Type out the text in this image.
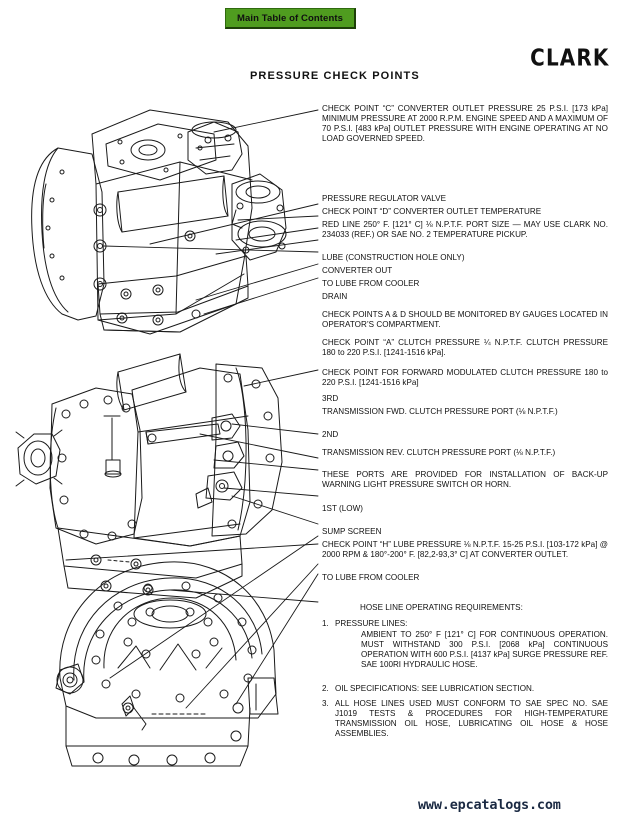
Main Table of Contents
CLARK
PRESSURE CHECK POINTS
CHECK POINT “C” CONVERTER OUTLET PRESSURE 25 P.S.I. [173 kPa] MINIMUM PRESSURE AT 2000 R.P.M. ENGINE SPEED AND A MAXIMUM OF 70 P.S.I. [483 kPa] OUTLET PRESSURE WITH ENGINE OPERATING AT NO LOAD GOVERNED SPEED.
PRESSURE REGULATOR VALVE
CHECK POINT “D” CONVERTER OUTLET TEMPERATURE
RED LINE 250° F. [121° C] ⅛ N.P.T.F. PORT SIZE — MAY USE CLARK NO. 234033 (REF.) OR SAE NO. 2 TEMPERATURE PICKUP.
LUBE (CONSTRUCTION HOLE ONLY)
CONVERTER OUT
TO LUBE FROM COOLER
DRAIN
CHECK POINTS A & D SHOULD BE MONITORED BY GAUGES LOCATED IN OPERATOR’S COMPARTMENT.
CHECK POINT “A” CLUTCH PRESSURE ¼ N.P.T.F. CLUTCH PRESSURE 180 to 220 P.S.I. [1241-1516 kPa].
CHECK POINT FOR FORWARD MODULATED CLUTCH PRESSURE 180 to 220 P.S.I. [1241-1516 kPa]
3RD
TRANSMISSION FWD. CLUTCH PRESSURE PORT (⅛ N.P.T.F.)
2ND
TRANSMISSION REV. CLUTCH PRESSURE PORT (⅛ N.P.T.F.)
THESE PORTS ARE PROVIDED FOR INSTALLATION OF BACK-UP WARNING LIGHT PRESSURE SWITCH OR HORN.
1ST (LOW)
SUMP SCREEN
CHECK POINT “H” LUBE PRESSURE ⅛ N.P.T.F. 15-25 P.S.I. [103-172 kPa] @ 2000 RPM & 180°-200° F. [82,2-93,3° C] AT CONVERTER OUTLET.
TO LUBE FROM COOLER
HOSE LINE OPERATING REQUIREMENTS:
1. PRESSURE LINES:
AMBIENT TO 250° F [121° C] FOR CONTINUOUS OPERATION. MUST WITHSTAND 300 P.S.I. [2068 kPa] CONTINUOUS OPERATION WITH 600 P.S.I. [4137 kPa] SURGE PRESSURE REF. SAE 100RI HYDRAULIC HOSE.
2. OIL SPECIFICATIONS: SEE LUBRICATION SECTION.
3. ALL HOSE LINES USED MUST CONFORM TO SAE SPEC NO. SAE J1019 TESTS & PROCEDURES FOR HIGH-TEMPERATURE TRANSMISSION OIL HOSE, LUBRICATING OIL HOSE & HOSE ASSEMBLIES.
www.epcatalogs.com
